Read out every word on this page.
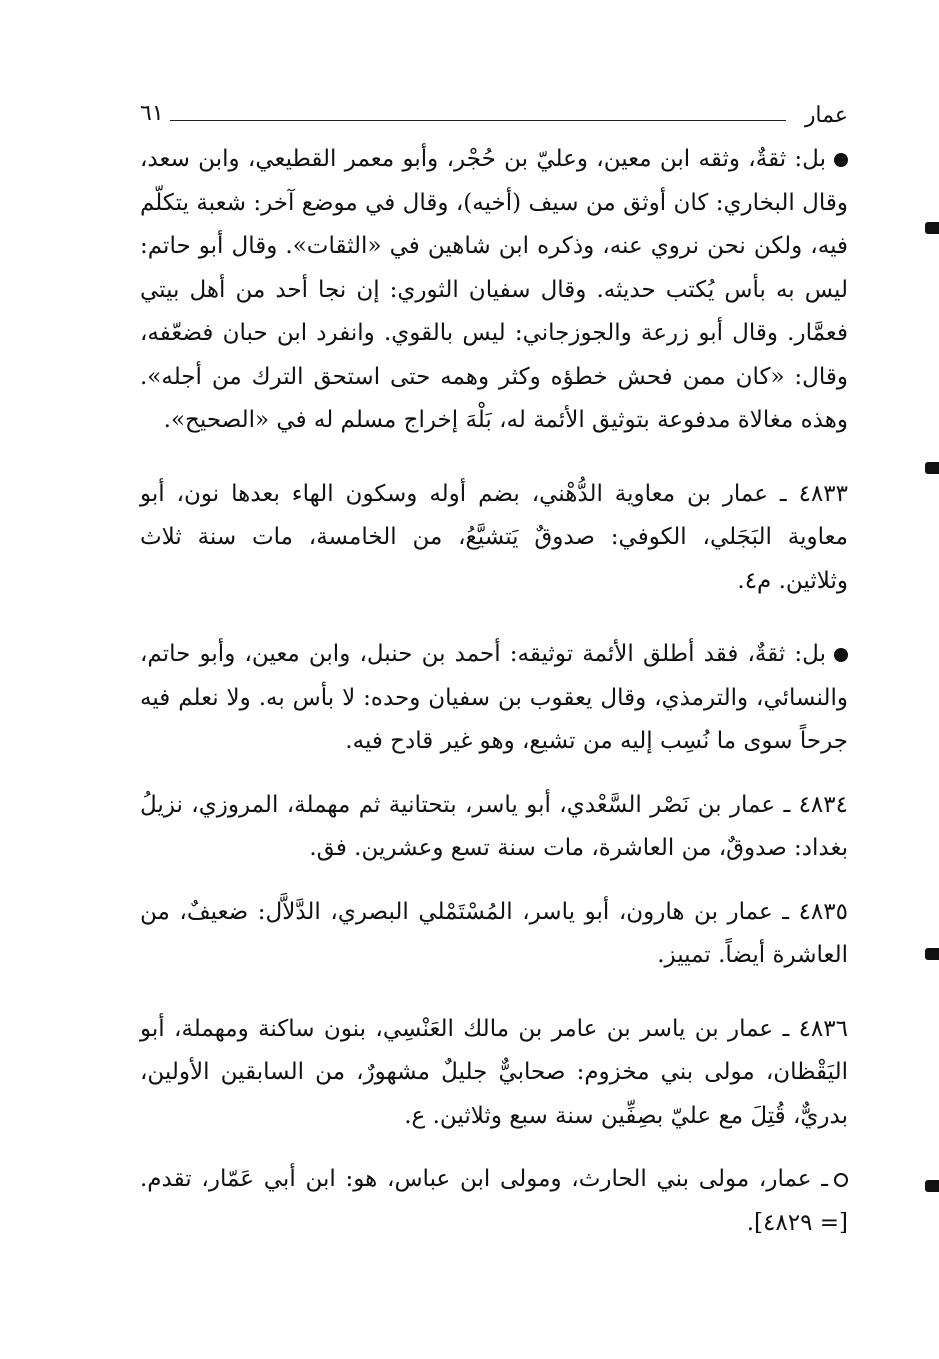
عمار
٦١

بل: ثقةٌ، وثقه ابن معين، وعليّ بن حُجْر، وأبو معمر القطيعي، وابن سعد، وقال البخاري: كان أوثق من سيف (أخيه)، وقال في موضع آخر: شعبة يتكلّم فيه، ولكن نحن نروي عنه، وذكره ابن شاهين في «الثقات». وقال أبو حاتم: ليس به بأس يُكتب حديثه. وقال سفيان الثوري: إن نجا أحد من أهل بيتي فعمَّار. وقال أبو زرعة والجوزجاني: ليس بالقوي. وانفرد ابن حبان فضعّفه، وقال: «كان ممن فحش خطؤه وكثر وهمه حتى استحق الترك من أجله». وهذه مغالاة مدفوعة بتوثيق الأئمة له، بَلْهَ إخراج مسلم له في «الصحيح».

٤٨٣٣ ـ عمار بن معاوية الدُّهْني، بضم أوله وسكون الهاء بعدها نون، أبو معاوية البَجَلي، الكوفي: صدوقٌ يَتشيَّعُ، من الخامسة، مات سنة ثلاث وثلاثين. م٤.

بل: ثقةٌ، فقد أطلق الأئمة توثيقه: أحمد بن حنبل، وابن معين، وأبو حاتم، والنسائي، والترمذي، وقال يعقوب بن سفيان وحده: لا بأس به. ولا نعلم فيه جرحاً سوى ما نُسِب إليه من تشيع، وهو غير قادح فيه.

٤٨٣٤ ـ عمار بن نَصْر السَّعْدي، أبو ياسر، بتحتانية ثم مهملة، المروزي، نزيلُ بغداد: صدوقٌ، من العاشرة، مات سنة تسع وعشرين. فق.

٤٨٣٥ ـ عمار بن هارون، أبو ياسر، المُسْتَمْلي البصري، الدَّلاَّل: ضعيفٌ، من العاشرة أيضاً. تمييز.

٤٨٣٦ ـ عمار بن ياسر بن عامر بن مالك العَنْسِي، بنون ساكنة ومهملة، أبو اليَقْظان، مولى بني مخزوم: صحابيٌّ جليلٌ مشهورٌ، من السابقين الأولين، بدريٌّ، قُتِلَ مع عليّ بصِفِّين سنة سبع وثلاثين. ع.

ـ عمار، مولى بني الحارث، ومولى ابن عباس، هو: ابن أبي عَمّار، تقدم. [= ٤٨٢٩].
